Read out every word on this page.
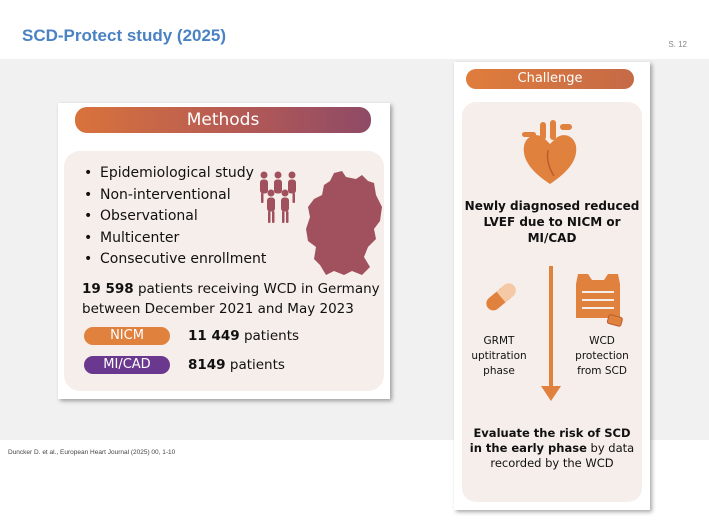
SCD-Protect study (2025)	S. 12
Methods
• Epidemiological study
• Non-interventional
• Observational
• Multicenter
• Consecutive enrollment
19 598 patients receiving WCD in Germany between December 2021 and May 2023
NICM	11 449 patients
MI/CAD	8149 patients
Challenge
Newly diagnosed reduced LVEF due to NICM or MI/CAD
GRMT uptitration phase
WCD protection from SCD
Evaluate the risk of SCD in the early phase by data recorded by the WCD
Duncker D. et al., European Heart Journal (2025) 00, 1-10
